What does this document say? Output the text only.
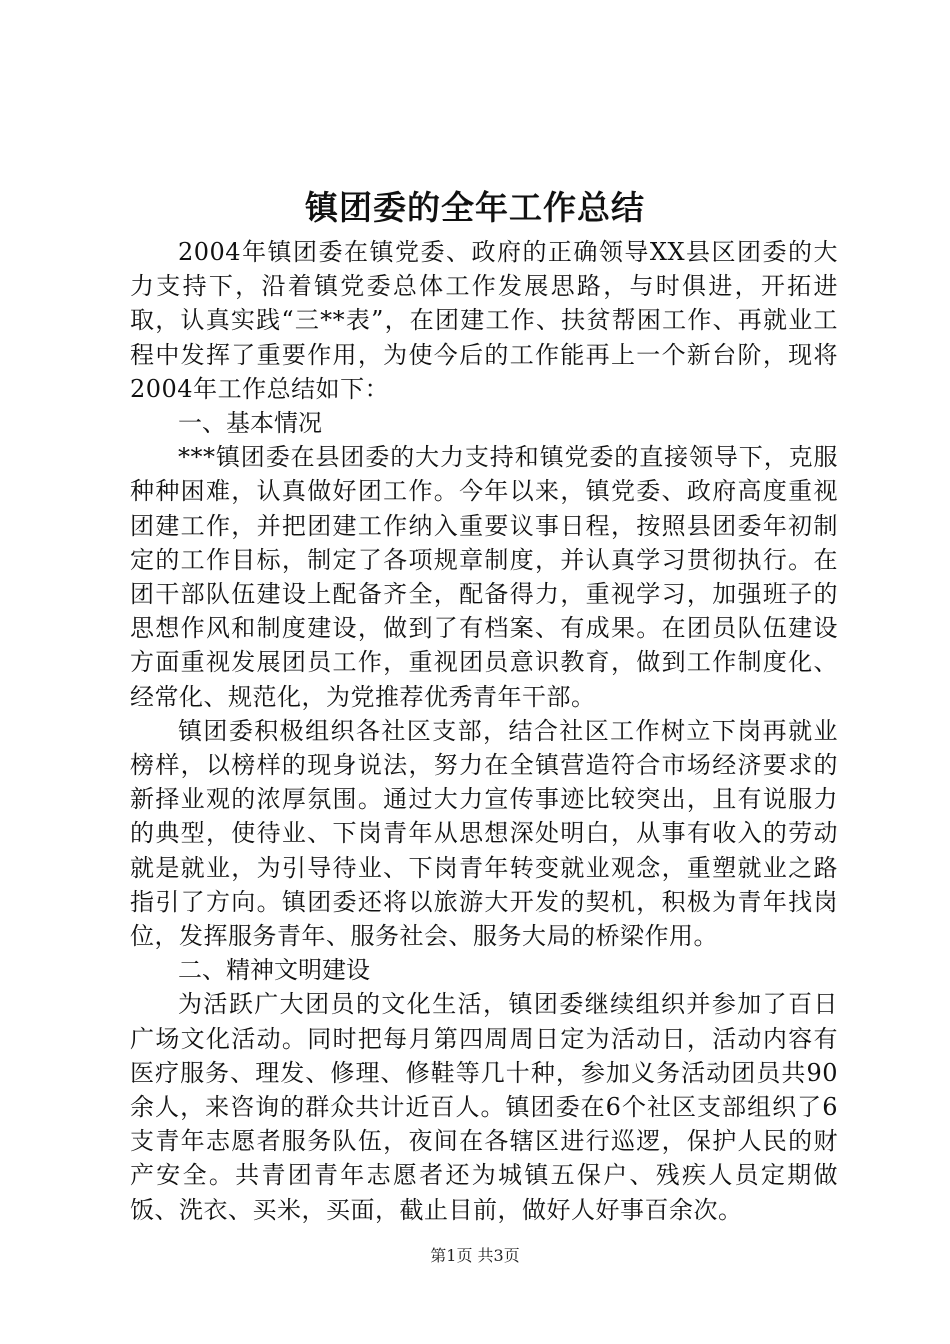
镇团委的全年工作总结

2004年镇团委在镇党委、政府的正确领导XX县区团委的大力支持下，沿着镇党委总体工作发展思路，与时俱进，开拓进取，认真实践“三**表”，在团建工作、扶贫帮困工作、再就业工程中发挥了重要作用，为使今后的工作能再上一个新台阶，现将2004年工作总结如下：

一、基本情况

***镇团委在县团委的大力支持和镇党委的直接领导下，克服种种困难，认真做好团工作。今年以来，镇党委、政府高度重视团建工作，并把团建工作纳入重要议事日程，按照县团委年初制定的工作目标，制定了各项规章制度，并认真学习贯彻执行。在团干部队伍建设上配备齐全，配备得力，重视学习，加强班子的思想作风和制度建设，做到了有档案、有成果。在团员队伍建设方面重视发展团员工作，重视团员意识教育，做到工作制度化、经常化、规范化，为党推荐优秀青年干部。

镇团委积极组织各社区支部，结合社区工作树立下岗再就业榜样，以榜样的现身说法，努力在全镇营造符合市场经济要求的新择业观的浓厚氛围。通过大力宣传事迹比较突出，且有说服力的典型，使待业、下岗青年从思想深处明白，从事有收入的劳动就是就业，为引导待业、下岗青年转变就业观念，重塑就业之路指引了方向。镇团委还将以旅游大开发的契机，积极为青年找岗位，发挥服务青年、服务社会、服务大局的桥梁作用。

二、精神文明建设

为活跃广大团员的文化生活，镇团委继续组织并参加了百日广场文化活动。同时把每月第四周周日定为活动日，活动内容有医疗服务、理发、修理、修鞋等几十种，参加义务活动团员共90余人，来咨询的群众共计近百人。镇团委在6个社区支部组织了6支青年志愿者服务队伍，夜间在各辖区进行巡逻，保护人民的财产安全。共青团青年志愿者还为城镇五保户、残疾人员定期做饭、洗衣、买米，买面，截止目前，做好人好事百余次。

第1页 共3页
